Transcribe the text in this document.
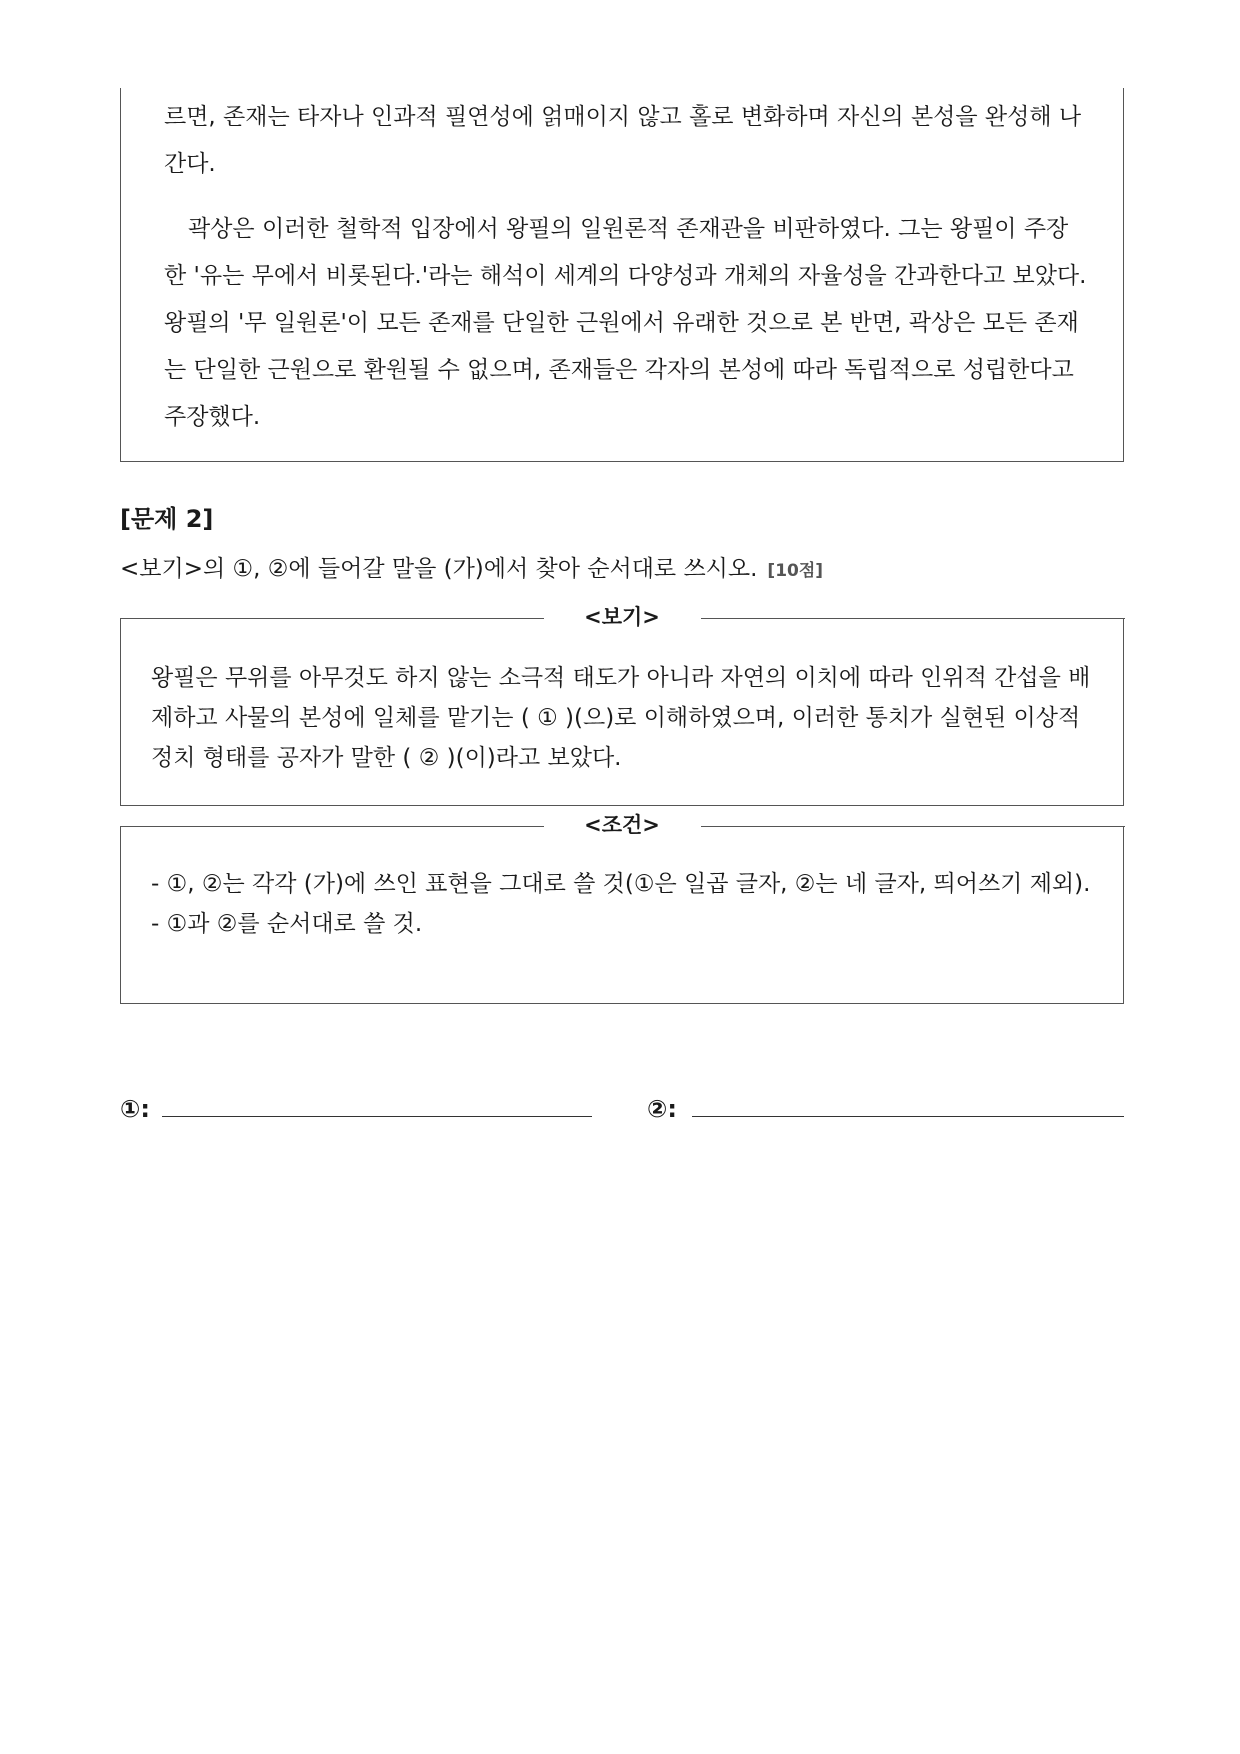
르면, 존재는 타자나 인과적 필연성에 얽매이지 않고 홀로 변화하며 자신의 본성을 완성해 나간다.

곽상은 이러한 철학적 입장에서 왕필의 일원론적 존재관을 비판하였다. 그는 왕필이 주장한 '유는 무에서 비롯된다.'라는 해석이 세계의 다양성과 개체의 자율성을 간과한다고 보았다. 왕필의 '무 일원론'이 모든 존재를 단일한 근원에서 유래한 것으로 본 반면, 곽상은 모든 존재는 단일한 근원으로 환원될 수 없으며, 존재들은 각자의 본성에 따라 독립적으로 성립한다고 주장했다.

[문제 2]
<보기>의 ①, ②에 들어갈 말을 (가)에서 찾아 순서대로 쓰시오. [10점]
<보기>

왕필은 무위를 아무것도 하지 않는 소극적 태도가 아니라 자연의 이치에 따라 인위적 간섭을 배제하고 사물의 본성에 일체를 맡기는 ( ① )(으)로 이해하였으며, 이러한 통치가 실현된 이상적 정치 형태를 공자가 말한 ( ② )(이)라고 보았다.

<조건>

- ①, ②는 각각 (가)에 쓰인 표현을 그대로 쓸 것(①은 일곱 글자, ②는 네 글자, 띄어쓰기 제외).

- ①과 ②를 순서대로 쓸 것.

①:	②:
